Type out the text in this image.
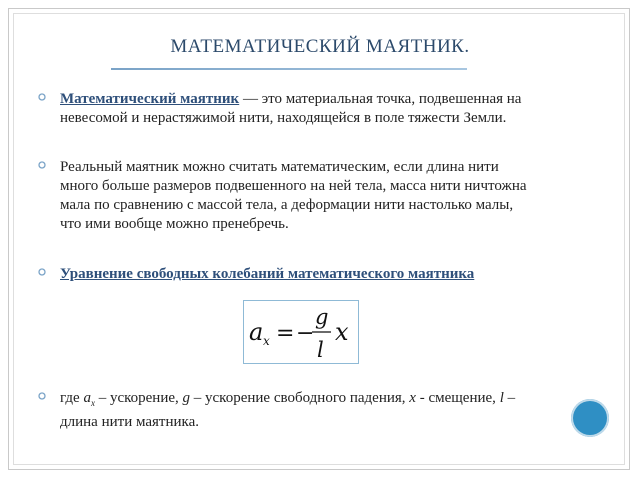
МАТЕМАТИЧЕСКИЙ МАЯТНИК.
Математический маятник — это материальная точка, подвешенная на невесомой и нерастяжимой нити, находящейся в поле тяжести Земли.
Реальный маятник можно считать математическим, если длина нити много больше размеров подвешенного на ней тела, масса нити ничтожна мала по сравнению с массой тела, а деформации нити настолько малы, что ими вообще можно пренебречь.
Уравнение свободных колебаний математического маятника
a x = −
g
l
x
где $a_x$ – ускорение, g – ускорение свободного падения, x - смещение, l – длина нити маятника.
